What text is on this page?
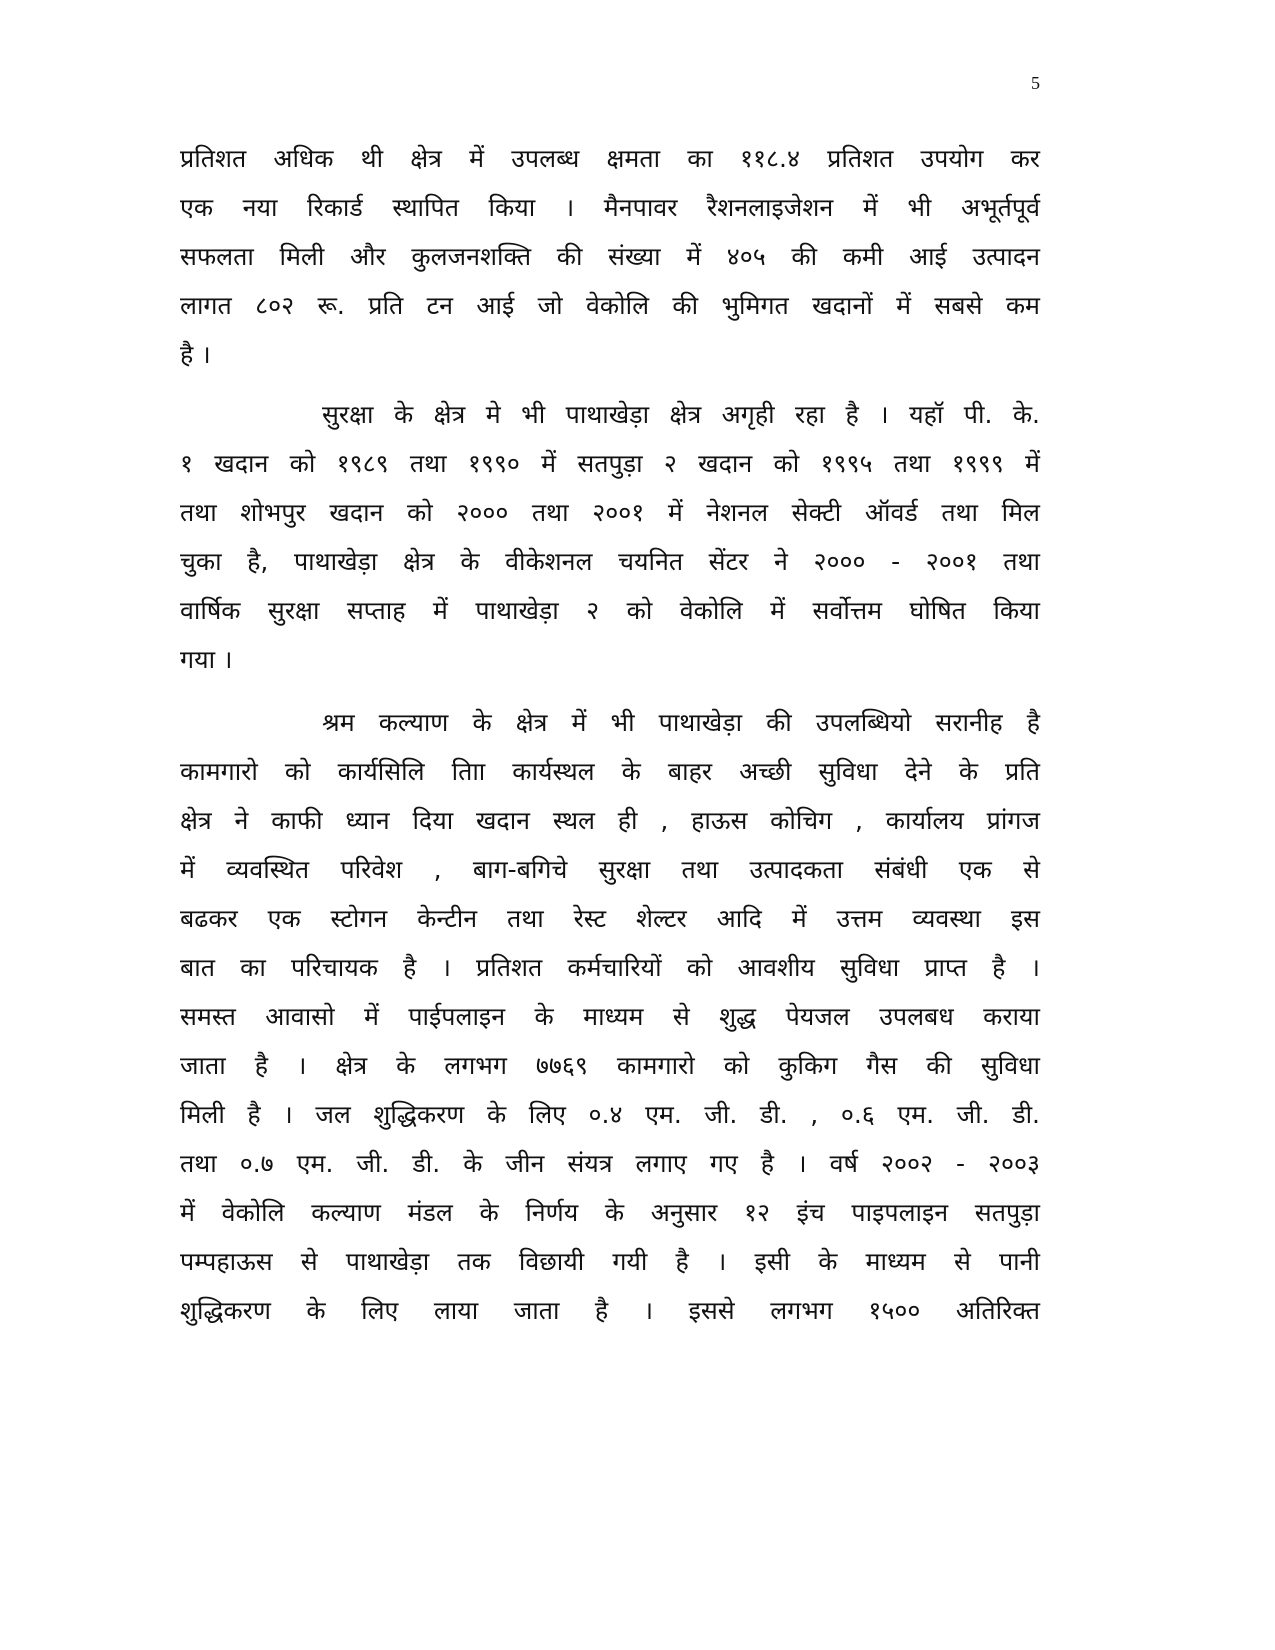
5
प्रतिशत अधिक थी क्षेत्र में उपलब्ध क्षमता का ११८.४ प्रतिशत उपयोग कर
एक नया रिकार्ड स्थापित किया । मैनपावर रैशनलाइजेशन में भी अभूर्तपूर्व
सफलता मिली और कुलजनशक्ति की संख्या में ४०५ की कमी आई उत्पादन
लागत ८०२ रू. प्रति टन आई जो वेकोलि की भुमिगत खदानों में सबसे कम
है ।
सुरक्षा के क्षेत्र मे भी पाथाखेड़ा क्षेत्र अगृही रहा है । यहॉ पी. के.
१ खदान को १९८९ तथा १९९० में सतपुड़ा २ खदान को १९९५ तथा १९९९ में
तथा शोभपुर खदान को २००० तथा २००१ में नेशनल सेक्टी ऑवर्ड तथा मिल
चुका है, पाथाखेड़ा क्षेत्र के वीकेशनल चयनित सेंटर ने २००० - २००१ तथा
वार्षिक सुरक्षा सप्ताह में पाथाखेड़ा २ को वेकोलि में सर्वोत्तम घोषित किया
गया ।
श्रम कल्याण के क्षेत्र में भी पाथाखेड़ा की उपलब्धियो सरानीह है
कामगारो को कार्यसिलि तािा कार्यस्थल के बाहर अच्छी सुविधा देने के प्रति
क्षेत्र ने काफी ध्यान दिया खदान स्थल ही , हाऊस कोचिग , कार्यालय प्रांगज
में व्यवस्थित परिवेश , बाग-बगिचे सुरक्षा तथा उत्पादकता संबंधी एक से
बढकर एक स्टोगन केन्टीन तथा रेस्ट शेल्टर आदि में उत्तम व्यवस्था इस
बात का परिचायक है । प्रतिशत कर्मचारियों को आवशीय सुविधा प्राप्त है ।
समस्त आवासो में पाईपलाइन के माध्यम से शुद्ध पेयजल उपलबध कराया
जाता है । क्षेत्र के लगभग ७७६९ कामगारो को कुकिग गैस की सुविधा
मिली है । जल शुद्धिकरण के लिए ०.४ एम. जी. डी. , ०.६ एम. जी. डी.
तथा ०.७ एम. जी. डी. के जीन संयत्र लगाए गए है । वर्ष २००२ - २००३
में वेकोलि कल्याण मंडल के निर्णय के अनुसार १२ इंच पाइपलाइन सतपुड़ा
पम्पहाऊस से पाथाखेड़ा तक विछायी गयी है । इसी के माध्यम से पानी
शुद्धिकरण के लिए लाया जाता है । इससे लगभग १५०० अतिरिक्त
